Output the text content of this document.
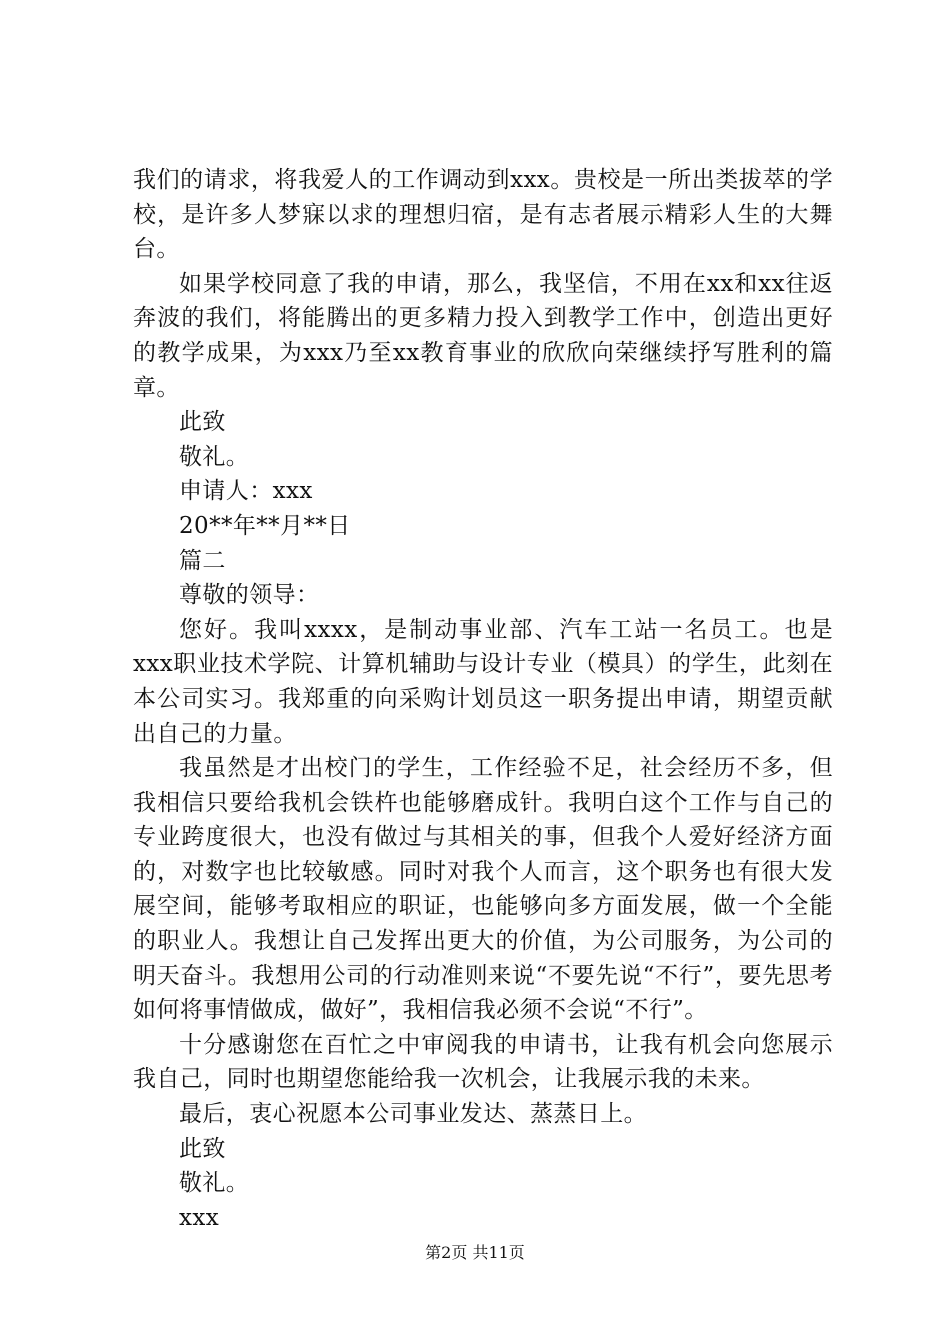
我们的请求，将我爱人的工作调动到xxx。贵校是一所出类拔萃的学校，是许多人梦寐以求的理想归宿，是有志者展示精彩人生的大舞台。

如果学校同意了我的申请，那么，我坚信，不用在xx和xx往返奔波的我们，将能腾出的更多精力投入到教学工作中，创造出更好的教学成果，为xxx乃至xx教育事业的欣欣向荣继续抒写胜利的篇章。

此致

敬礼。

申请人：xxx

20**年**月**日

篇二

尊敬的领导：

您好。我叫xxxx，是制动事业部、汽车工站一名员工。也是xxx职业技术学院、计算机辅助与设计专业（模具）的学生，此刻在本公司实习。我郑重的向采购计划员这一职务提出申请，期望贡献出自己的力量。

我虽然是才出校门的学生，工作经验不足，社会经历不多，但我相信只要给我机会铁杵也能够磨成针。我明白这个工作与自己的专业跨度很大，也没有做过与其相关的事，但我个人爱好经济方面的，对数字也比较敏感。同时对我个人而言，这个职务也有很大发展空间，能够考取相应的职证，也能够向多方面发展，做一个全能的职业人。我想让自己发挥出更大的价值，为公司服务，为公司的明天奋斗。我想用公司的行动准则来说“不要先说“不行”，要先思考如何将事情做成，做好”，我相信我必须不会说“不行”。

十分感谢您在百忙之中审阅我的申请书，让我有机会向您展示我自己，同时也期望您能给我一次机会，让我展示我的未来。

最后，衷心祝愿本公司事业发达、蒸蒸日上。

此致

敬礼。

xxx

第2页 共11页
